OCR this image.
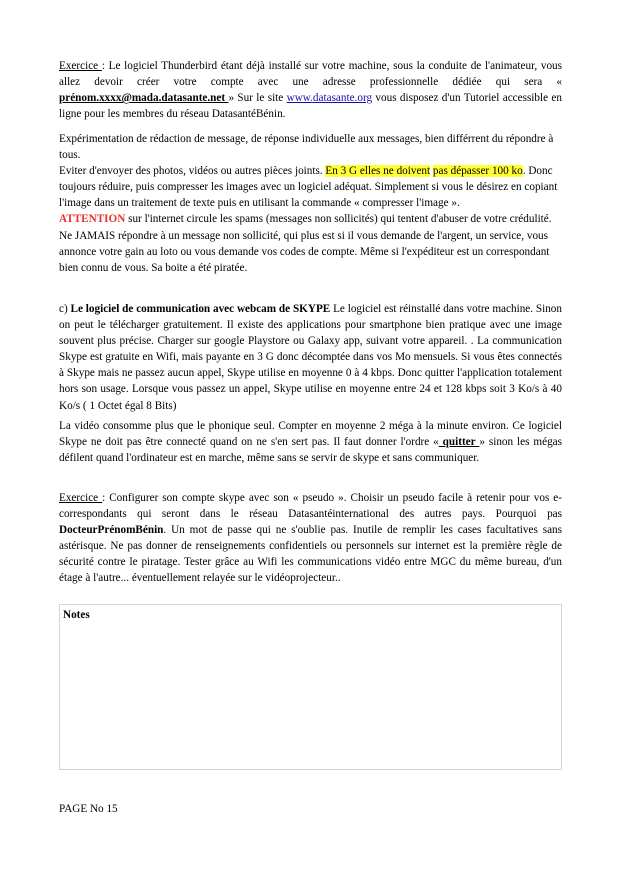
Exercice : Le logiciel Thunderbird étant déjà installé sur votre machine, sous la conduite de l'animateur, vous allez devoir créer votre compte avec une adresse professionnelle dédiée qui sera « prénom.xxxx@mada.datasante.net » Sur le site www.datasante.org vous disposez d'un Tutoriel accessible en ligne pour les membres du réseau DatasantéBénin.

Expérimentation de rédaction de message, de réponse individuelle aux messages, bien différrent du répondre à tous.
Eviter d'envoyer des photos, vidéos ou autres pièces joints. En 3 G elles ne doivent pas dépasser 100 ko. Donc toujours réduire, puis compresser les images avec un logiciel adéquat. Simplement si vous le désirez en copiant l'image dans un traitement de texte puis en utilisant la commande « compresser l'image ».
ATTENTION sur l'internet circule les spams (messages non sollicités) qui tentent d'abuser de votre crédulité. Ne JAMAIS répondre à un message non sollicité, qui plus est si il vous demande de l'argent, un service, vous annonce votre gain au loto ou vous demande vos codes de compte. Même si l'expéditeur est un correspondant bien connu de vous. Sa boite a été piratée.

c) Le logiciel de communication avec webcam de SKYPE Le logiciel est réinstallé dans votre machine. Sinon on peut le télécharger gratuitement. Il existe des applications pour smartphone bien pratique avec une image souvent plus précise. Charger sur google Playstore ou Galaxy app, suivant votre appareil. . La communication Skype est gratuite en Wifi, mais payante en 3 G donc décomptée dans vos Mo mensuels. Si vous êtes connectés à Skype mais ne passez aucun appel, Skype utilise en moyenne 0 à 4 kbps. Donc quitter l'application totalement hors son usage. Lorsque vous passez un appel, Skype utilise en moyenne entre 24 et 128 kbps soit 3 Ko/s à 40 Ko/s ( 1 Octet égal 8 Bits)

La vidéo consomme plus que le phonique seul. Compter en moyenne 2 méga à la minute environ. Ce logiciel Skype ne doit pas être connecté quand on ne s'en sert pas. Il faut donner l'ordre « quitter » sinon les mégas défilent quand l'ordinateur est en marche, même sans se servir de skype et sans communiquer.

Exercice : Configurer son compte skype avec son « pseudo ». Choisir un pseudo facile à retenir pour vos e-correspondants qui seront dans le réseau Datasantéinternational des autres pays. Pourquoi pas DocteurPrénomBénin. Un mot de passe qui ne s'oublie pas. Inutile de remplir les cases facultatives sans astérisque. Ne pas donner de renseignements confidentiels ou personnels sur internet est la première règle de sécurité contre le piratage. Tester grâce au Wifi les communications vidéo entre MGC du même bureau, d'un étage à l'autre... éventuellement relayée sur le vidéoprojecteur..

Notes
PAGE No 15
